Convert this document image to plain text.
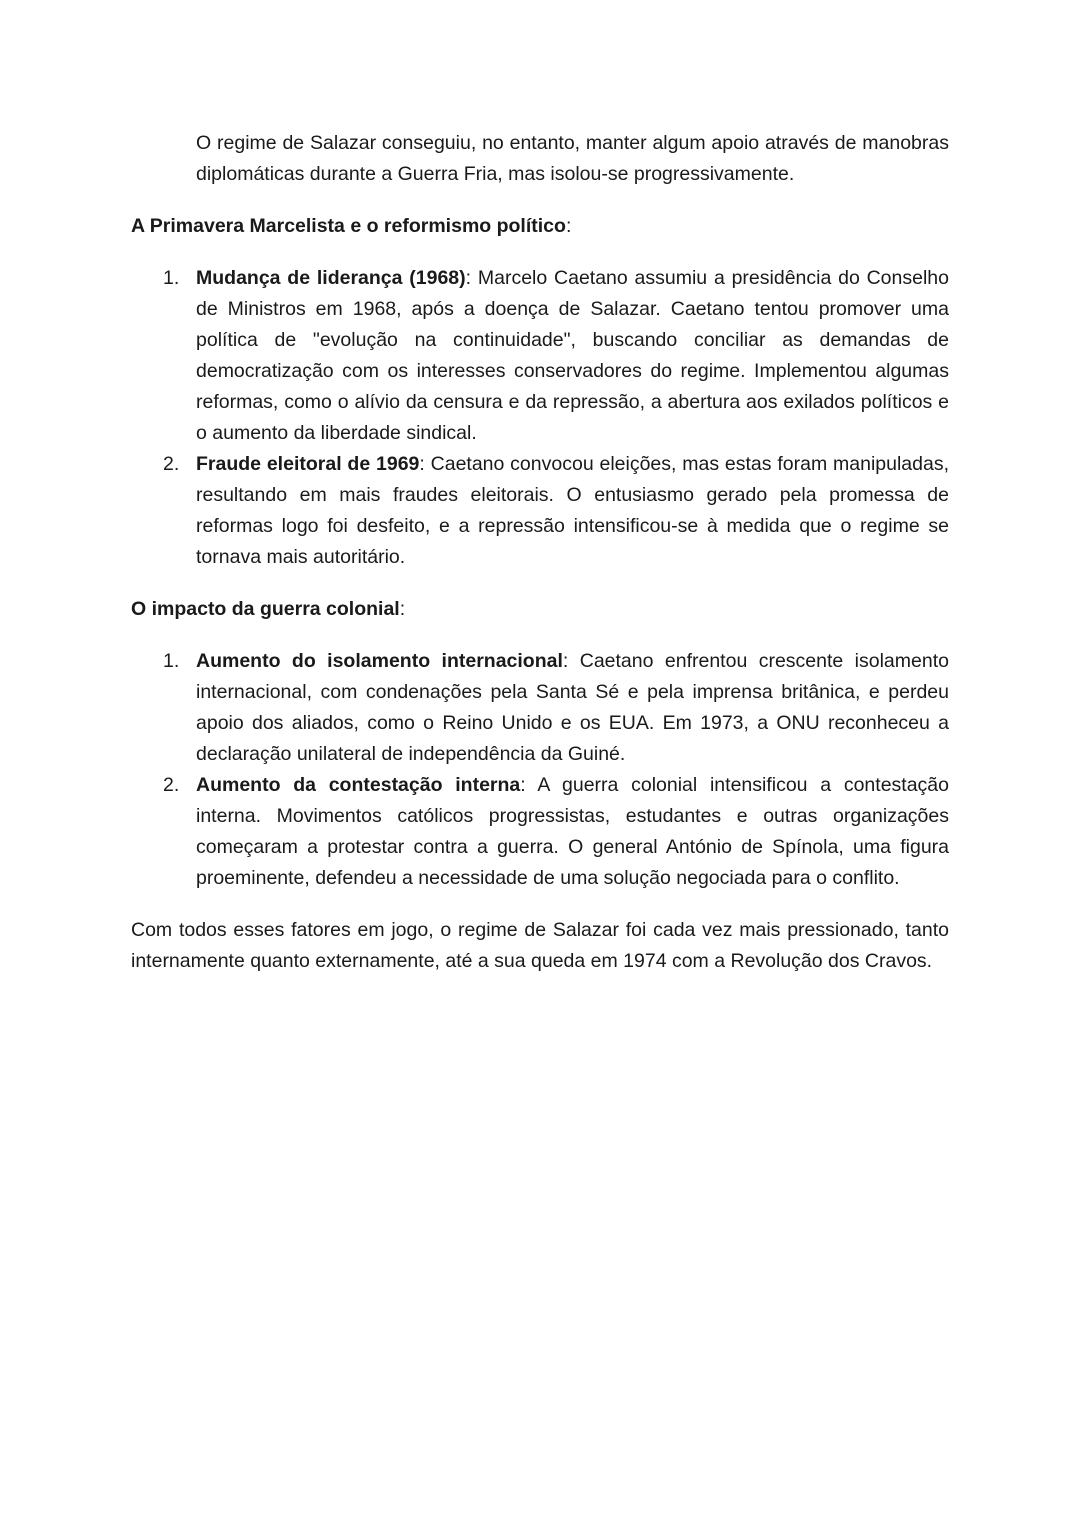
O regime de Salazar conseguiu, no entanto, manter algum apoio através de manobras diplomáticas durante a Guerra Fria, mas isolou-se progressivamente.

A Primavera Marcelista e o reformismo político:

1. Mudança de liderança (1968): Marcelo Caetano assumiu a presidência do Conselho de Ministros em 1968, após a doença de Salazar. Caetano tentou promover uma política de "evolução na continuidade", buscando conciliar as demandas de democratização com os interesses conservadores do regime. Implementou algumas reformas, como o alívio da censura e da repressão, a abertura aos exilados políticos e o aumento da liberdade sindical.
2. Fraude eleitoral de 1969: Caetano convocou eleições, mas estas foram manipuladas, resultando em mais fraudes eleitorais. O entusiasmo gerado pela promessa de reformas logo foi desfeito, e a repressão intensificou-se à medida que o regime se tornava mais autoritário.

O impacto da guerra colonial:

1. Aumento do isolamento internacional: Caetano enfrentou crescente isolamento internacional, com condenações pela Santa Sé e pela imprensa britânica, e perdeu apoio dos aliados, como o Reino Unido e os EUA. Em 1973, a ONU reconheceu a declaração unilateral de independência da Guiné.
2. Aumento da contestação interna: A guerra colonial intensificou a contestação interna. Movimentos católicos progressistas, estudantes e outras organizações começaram a protestar contra a guerra. O general António de Spínola, uma figura proeminente, defendeu a necessidade de uma solução negociada para o conflito.

Com todos esses fatores em jogo, o regime de Salazar foi cada vez mais pressionado, tanto internamente quanto externamente, até a sua queda em 1974 com a Revolução dos Cravos.
